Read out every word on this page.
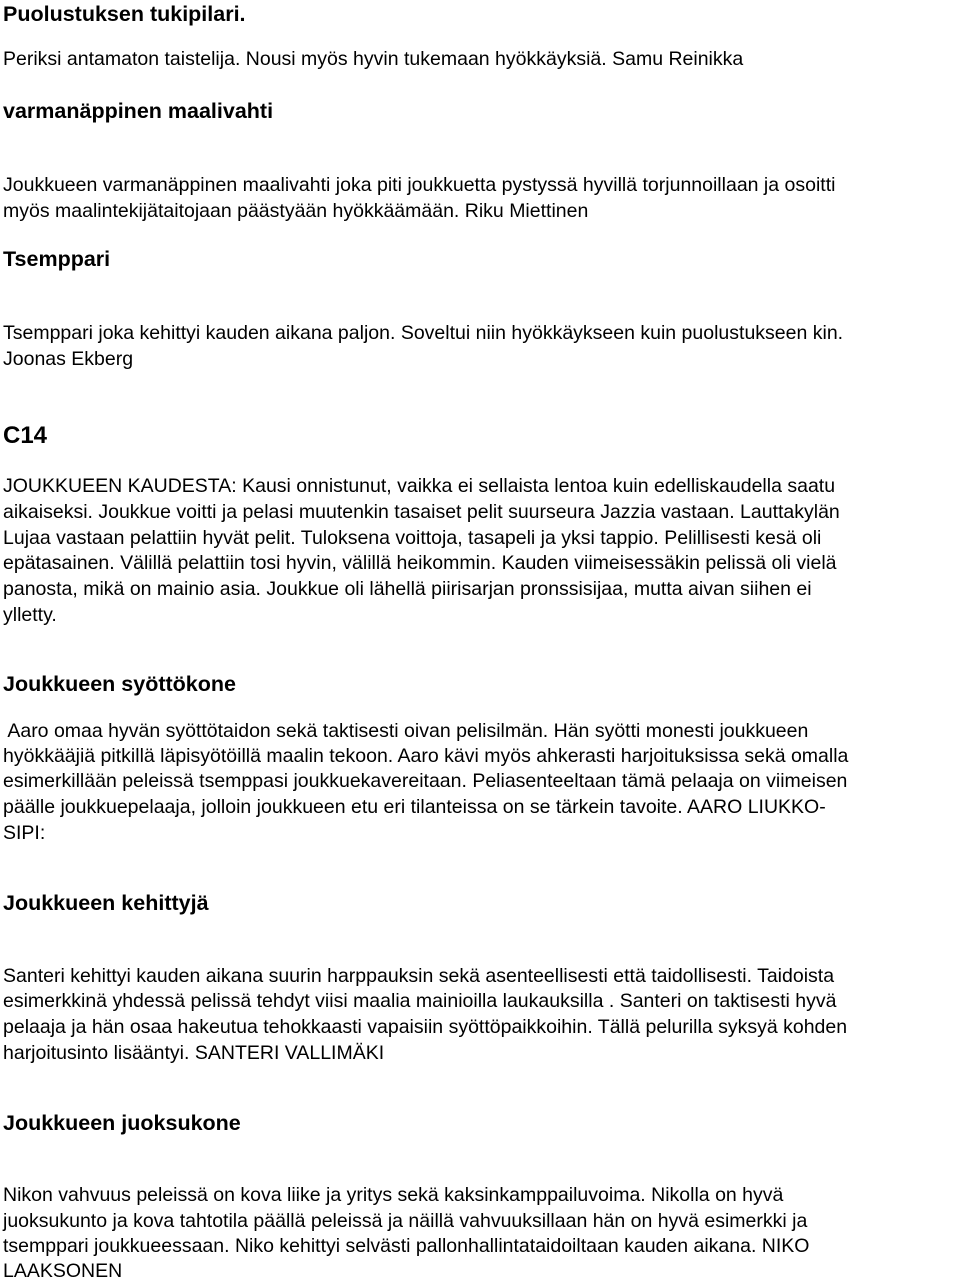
Puolustuksen tukipilari.
Periksi antamaton taistelija. Nousi myös hyvin tukemaan hyökkäyksiä. Samu Reinikka
varmanäppinen maalivahti
Joukkueen varmanäppinen maalivahti joka piti joukkuetta pystyssä hyvillä torjunnoillaan ja osoitti
myös maalintekijätaitojaan päästyään hyökkäämään. Riku Miettinen
Tsemppari
Tsemppari joka kehittyi kauden aikana paljon. Soveltui niin hyökkäykseen kuin puolustukseen kin.
Joonas Ekberg
C14
JOUKKUEEN KAUDESTA: Kausi onnistunut, vaikka ei sellaista lentoa kuin edelliskaudella saatu
aikaiseksi. Joukkue voitti ja pelasi muutenkin tasaiset pelit suurseura Jazzia vastaan. Lauttakylän
Lujaa vastaan pelattiin hyvät pelit. Tuloksena voittoja, tasapeli ja yksi tappio. Pelillisesti kesä oli
epätasainen. Välillä pelattiin tosi hyvin, välillä heikommin. Kauden viimeisessäkin pelissä oli vielä
panosta, mikä on mainio asia. Joukkue oli lähellä piirisarjan pronssisijaa, mutta aivan siihen ei
ylletty.
Joukkueen syöttökone
Aaro omaa hyvän syöttötaidon sekä taktisesti oivan pelisilmän. Hän syötti monesti joukkueen
hyökkääjiä pitkillä läpisyötöillä maalin tekoon. Aaro kävi myös ahkerasti harjoituksissa sekä omalla
esimerkillään peleissä tsemppasi joukkuekavereitaan. Peliasenteeltaan tämä pelaaja on viimeisen
päälle joukkuepelaaja, jolloin joukkueen etu eri tilanteissa on se tärkein tavoite. AARO LIUKKO-
SIPI:
Joukkueen kehittyjä
Santeri kehittyi kauden aikana suurin harppauksin sekä asenteellisesti että taidollisesti. Taidoista
esimerkkinä yhdessä pelissä tehdyt viisi maalia mainioilla laukauksilla . Santeri on taktisesti hyvä
pelaaja ja hän osaa hakeutua tehokkaasti vapaisiin syöttöpaikkoihin. Tällä pelurilla syksyä kohden
harjoitusinto lisääntyi. SANTERI VALLIMÄKI
Joukkueen juoksukone
Nikon vahvuus peleissä on kova liike ja yritys sekä kaksinkamppailuvoima. Nikolla on hyvä
juoksukunto ja kova tahtotila päällä peleissä ja näillä vahvuuksillaan hän on hyvä esimerkki ja
tsemppari joukkueessaan. Niko kehittyi selvästi pallonhallintataidoiltaan kauden aikana. NIKO
LAAKSONEN
